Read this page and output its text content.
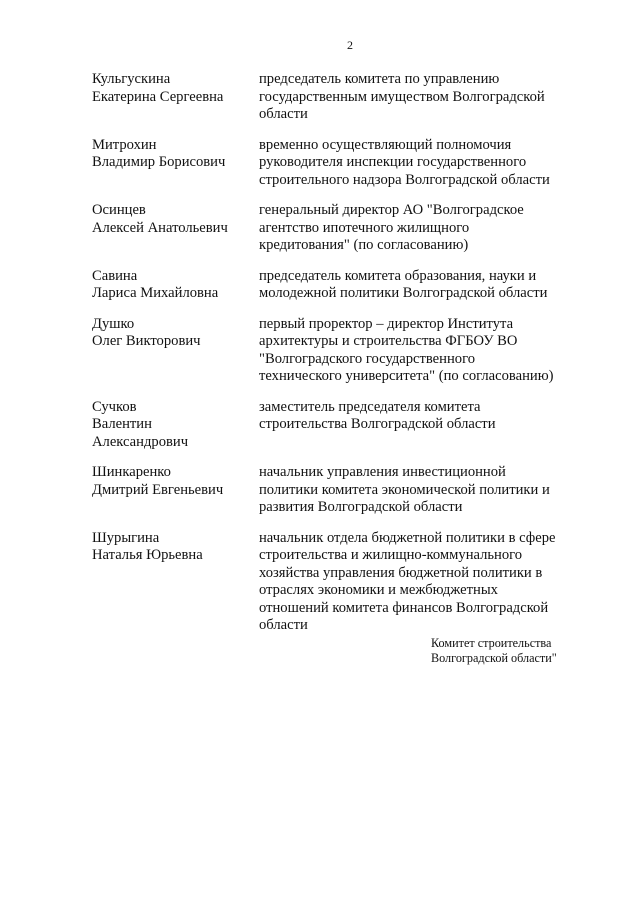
2
Кульгускина
Екатерина Сергеевна
председатель комитета по управлению
государственным имуществом Волгоградской
области
Митрохин
Владимир Борисович
временно осуществляющий полномочия
руководителя инспекции государственного
строительного надзора Волгоградской области
Осинцев
Алексей Анатольевич
генеральный директор АО "Волгоградское
агентство ипотечного жилищного
кредитования" (по согласованию)
Савина
Лариса Михайловна
председатель комитета образования, науки и
молодежной политики Волгоградской области
Душко
Олег Викторович
первый проректор – директор Института
архитектуры и строительства ФГБОУ ВО
"Волгоградского государственного
технического университета" (по согласованию)
Сучков
Валентин
Александрович
заместитель председателя комитета
строительства Волгоградской области
Шинкаренко
Дмитрий Евгеньевич
начальник управления инвестиционной
политики комитета экономической политики и
развития Волгоградской области
Шурыгина
Наталья Юрьевна
начальник отдела бюджетной политики в сфере
строительства и жилищно-коммунального
хозяйства управления бюджетной политики в
отраслях экономики и межбюджетных
отношений комитета финансов Волгоградской
области
Комитет строительства
Волгоградской области"
